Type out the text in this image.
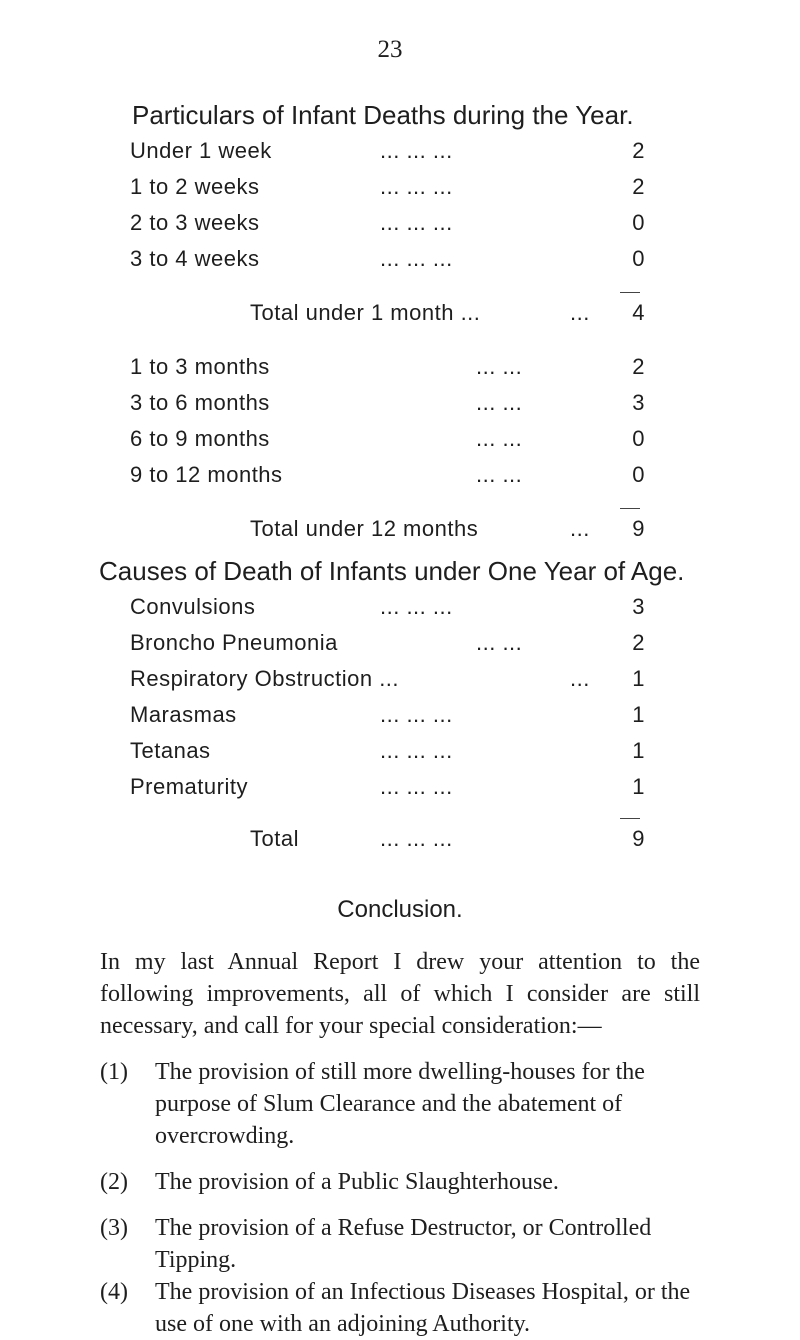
23
Particulars of Infant Deaths during the Year.
Under 1 week	... ... ...	2
1 to 2 weeks	... ... ...	2
2 to 3 weeks	... ... ...	0
3 to 4 weeks	... ... ...	0
Total under 1 month ...	...	4
1 to 3 months	... ...	2
3 to 6 months	... ...	3
6 to 9 months	... ...	0
9 to 12 months	... ...	0
Total under 12 months	...	9
Causes of Death of Infants under One Year of Age.
Convulsions	... ... ...	3
Broncho Pneumonia	... ...	2
Respiratory Obstruction ...	...	1
Marasmas	... ... ...	1
Tetanas	... ... ...	1
Prematurity	... ... ...	1
Total	... ... ...	9
Conclusion.
In my last Annual Report I drew your attention to the following improvements, all of which I consider are still necessary, and call for your special consideration:—
(1) The provision of still more dwelling-houses for the purpose of Slum Clearance and the abatement of overcrowding.
(2) The provision of a Public Slaughterhouse.
(3) The provision of a Refuse Destructor, or Controlled Tipping.
(4) The provision of an Infectious Diseases Hospital, or the use of one with an adjoining Authority.
